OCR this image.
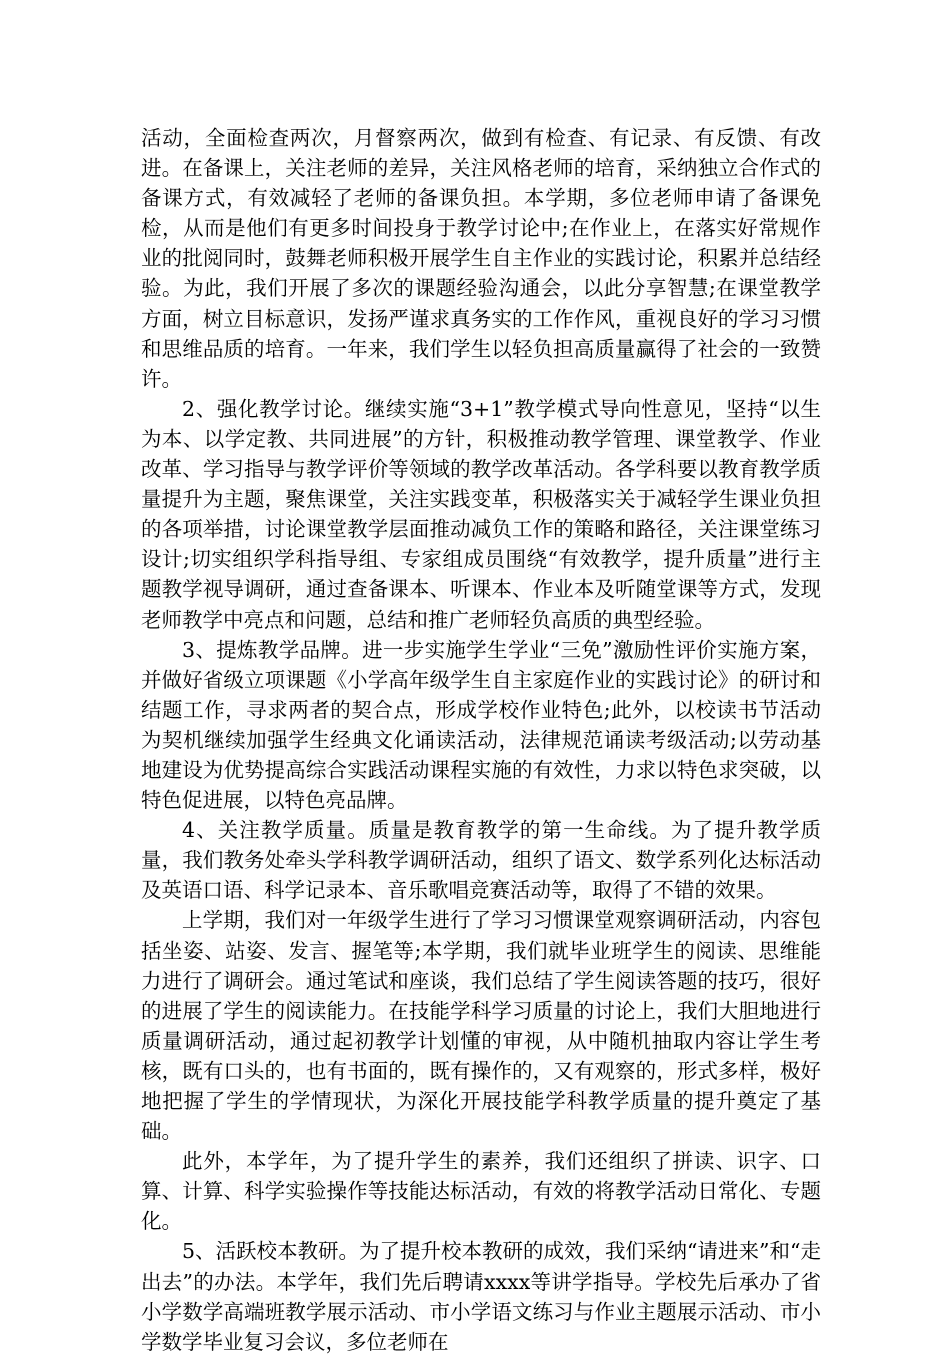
活动，全面检查两次，月督察两次，做到有检查、有记录、有反馈、有改进。在备课上，关注老师的差异，关注风格老师的培育，采纳独立合作式的备课方式，有效减轻了老师的备课负担。本学期，多位老师申请了备课免检，从而是他们有更多时间投身于教学讨论中;在作业上，在落实好常规作业的批阅同时，鼓舞老师积极开展学生自主作业的实践讨论，积累并总结经验。为此，我们开展了多次的课题经验沟通会，以此分享智慧;在课堂教学方面，树立目标意识，发扬严谨求真务实的工作作风，重视良好的学习习惯和思维品质的培育。一年来，我们学生以轻负担高质量赢得了社会的一致赞许。

2、强化教学讨论。继续实施“3+1”教学模式导向性意见，坚持“以生为本、以学定教、共同进展”的方针，积极推动教学管理、课堂教学、作业改革、学习指导与教学评价等领域的教学改革活动。各学科要以教育教学质量提升为主题，聚焦课堂，关注实践变革，积极落实关于减轻学生课业负担的各项举措，讨论课堂教学层面推动减负工作的策略和路径，关注课堂练习设计;切实组织学科指导组、专家组成员围绕“有效教学，提升质量”进行主题教学视导调研，通过查备课本、听课本、作业本及听随堂课等方式，发现老师教学中亮点和问题，总结和推广老师轻负高质的典型经验。

3、提炼教学品牌。进一步实施学生学业“三免”激励性评价实施方案，并做好省级立项课题《小学高年级学生自主家庭作业的实践讨论》的研讨和结题工作，寻求两者的契合点，形成学校作业特色;此外，以校读书节活动为契机继续加强学生经典文化诵读活动，法律规范诵读考级活动;以劳动基地建设为优势提高综合实践活动课程实施的有效性，力求以特色求突破，以特色促进展，以特色亮品牌。

4、关注教学质量。质量是教育教学的第一生命线。为了提升教学质量，我们教务处牵头学科教学调研活动，组织了语文、数学系列化达标活动及英语口语、科学记录本、音乐歌唱竞赛活动等，取得了不错的效果。

上学期，我们对一年级学生进行了学习习惯课堂观察调研活动，内容包括坐姿、站姿、发言、握笔等;本学期，我们就毕业班学生的阅读、思维能力进行了调研会。通过笔试和座谈，我们总结了学生阅读答题的技巧，很好的进展了学生的阅读能力。在技能学科学习质量的讨论上，我们大胆地进行质量调研活动，通过起初教学计划懂的审视，从中随机抽取内容让学生考核，既有口头的，也有书面的，既有操作的，又有观察的，形式多样，极好地把握了学生的学情现状，为深化开展技能学科教学质量的提升奠定了基础。

此外，本学年，为了提升学生的素养，我们还组织了拼读、识字、口算、计算、科学实验操作等技能达标活动，有效的将教学活动日常化、专题化。

5、活跃校本教研。为了提升校本教研的成效，我们采纳“请进来”和“走出去”的办法。本学年，我们先后聘请xxxx等讲学指导。学校先后承办了省小学数学高端班教学展示活动、市小学语文练习与作业主题展示活动、市小学数学毕业复习会议，多位老师在
